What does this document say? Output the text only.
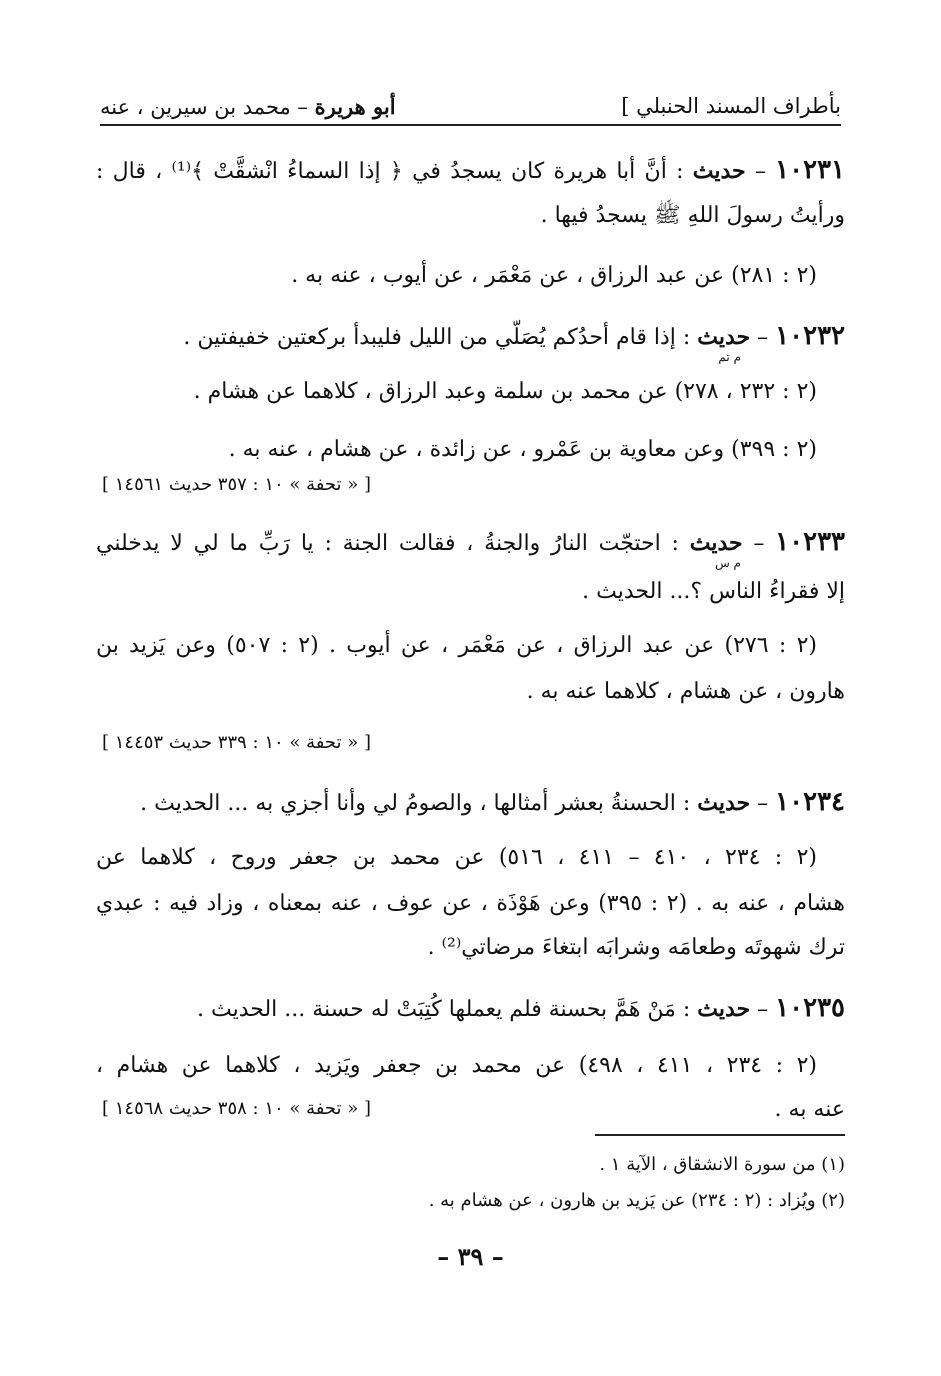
بأطراف المسند الحنبلي ]
أبو هريرة – محمد بن سيرين ، عنه
١٠٢٣١ – حديث : أنَّ أبا هريرة كان يسجدُ في ﴿ إذا السماءُ انْشقَّتْ ﴾⁽¹⁾ ، قال :
ورأيتُ رسولَ اللهِ ﷺ يسجدُ فيها .
(٢ : ٢٨١) عن عبد الرزاق ، عن مَعْمَر ، عن أيوب ، عنه به .
١٠٢٣٢ – حديث : إذا قام أحدُكم يُصَلّي من الليل فليبدأ بركعتين خفيفتين .
م تم
(٢ : ٢٣٢ ، ٢٧٨) عن محمد بن سلمة وعبد الرزاق ، كلاهما عن هشام .
(٢ : ٣٩٩) وعن معاوية بن عَمْرو ، عن زائدة ، عن هشام ، عنه به .
[ « تحفة » ١٠ : ٣٥٧ حديث ١٤٥٦١ ]
١٠٢٣٣ – حديث : احتجّت النارُ والجنةُ ، فقالت الجنة : يا رَبِّ ما لي لا يدخلني
م س
إلا فقراءُ الناس ؟... الحديث .
(٢ : ٢٧٦) عن عبد الرزاق ، عن مَعْمَر ، عن أيوب . (٢ : ٥٠٧) وعن يَزيد بن
هارون ، عن هشام ، كلاهما عنه به .
[ « تحفة » ١٠ : ٣٣٩ حديث ١٤٤٥٣ ]
١٠٢٣٤ – حديث : الحسنةُ بعشر أمثالها ، والصومُ لي وأنا أجزي به ... الحديث .
(٢ : ٢٣٤ ، ٤١٠ – ٤١١ ، ٥١٦) عن محمد بن جعفر وروح ، كلاهما عن
هشام ، عنه به . (٢ : ٣٩٥) وعن هَوْذَة ، عن عوف ، عنه بمعناه ، وزاد فيه : عبدي
ترك شهوتَه وطعامَه وشرابَه ابتغاءَ مرضاتي⁽²⁾ .
١٠٢٣٥ – حديث : مَنْ هَمَّ بحسنة فلم يعملها كُتِبَتْ له حسنة ... الحديث .
(٢ : ٢٣٤ ، ٤١١ ، ٤٩٨) عن محمد بن جعفر ويَزيد ، كلاهما عن هشام ،
عنه به .
[ « تحفة » ١٠ : ٣٥٨ حديث ١٤٥٦٨ ]
(١) من سورة الانشقاق ، الآية ١ .
(٢) ويُزاد : (٢ : ٢٣٤) عن يَزيد بن هارون ، عن هشام به .
– ٣٩ –
